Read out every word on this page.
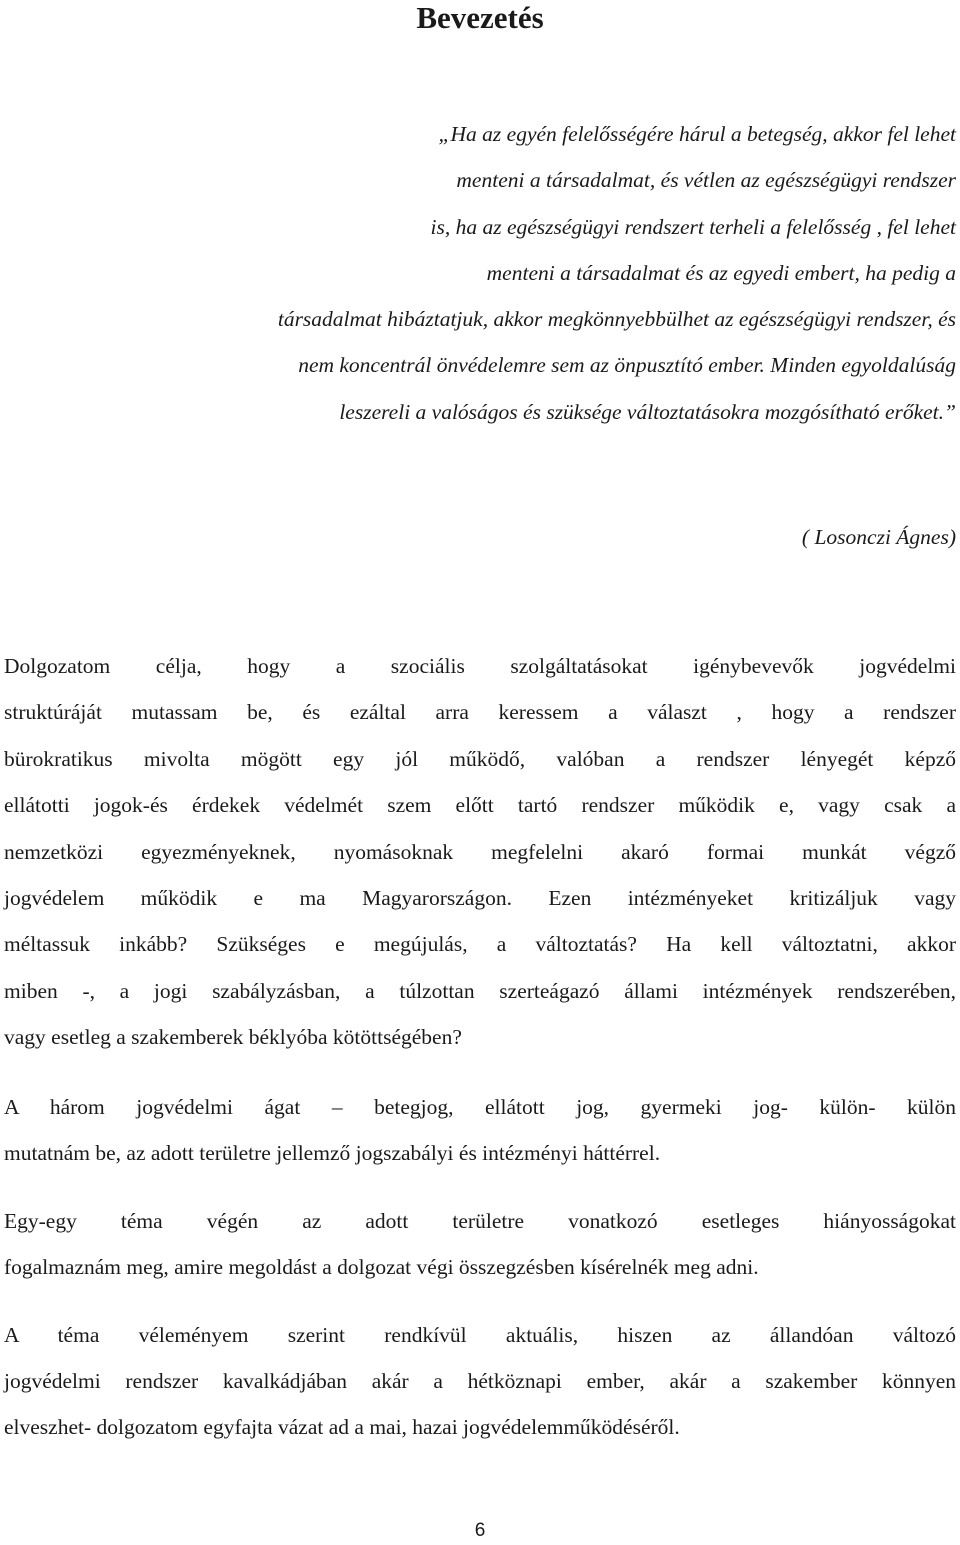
Bevezetés
„Ha az egyén felelősségére hárul a betegség, akkor fel lehet
menteni a társadalmat, és vétlen az egészségügyi rendszer
is, ha az egészségügyi rendszert terheli a felelősség , fel lehet
menteni a társadalmat és az egyedi embert, ha pedig a
társadalmat hibáztatjuk, akkor megkönnyebbülhet az egészségügyi rendszer, és
nem koncentrál önvédelemre sem az önpusztító ember. Minden egyoldalúság
leszereli a valóságos és szüksége változtatásokra mozgósítható erőket.”

( Losonczi Ágnes)

Dolgozatom célja, hogy a szociális szolgáltatásokat igénybevevők jogvédelmi
struktúráját mutassam be, és ezáltal arra keressem a választ , hogy a rendszer
bürokratikus mivolta mögött egy jól működő, valóban a rendszer lényegét képző
ellátotti jogok-és érdekek védelmét szem előtt tartó rendszer működik e, vagy csak a
nemzetközi egyezményeknek, nyomásoknak megfelelni akaró formai munkát végző
jogvédelem működik e ma Magyarországon. Ezen intézményeket kritizáljuk vagy
méltassuk inkább? Szükséges e megújulás, a változtatás? Ha kell változtatni, akkor
miben -, a jogi szabályzásban, a túlzottan szerteágazó állami intézmények rendszerében,
vagy esetleg a szakemberek béklyóba kötöttségében?
A három jogvédelmi ágat – betegjog, ellátott jog, gyermeki jog- külön- külön
mutatnám be, az adott területre jellemző jogszabályi és intézményi háttérrel.
Egy-egy téma végén az adott területre vonatkozó esetleges hiányosságokat
fogalmaznám meg, amire megoldást a dolgozat végi összegzésben kísérelnék meg adni.
A téma véleményem szerint rendkívül aktuális, hiszen az állandóan változó
jogvédelmi rendszer kavalkádjában akár a hétköznapi ember, akár a szakember könnyen
elveszhet- dolgozatom egyfajta vázat ad a mai, hazai jogvédelemműködéséről.

6
